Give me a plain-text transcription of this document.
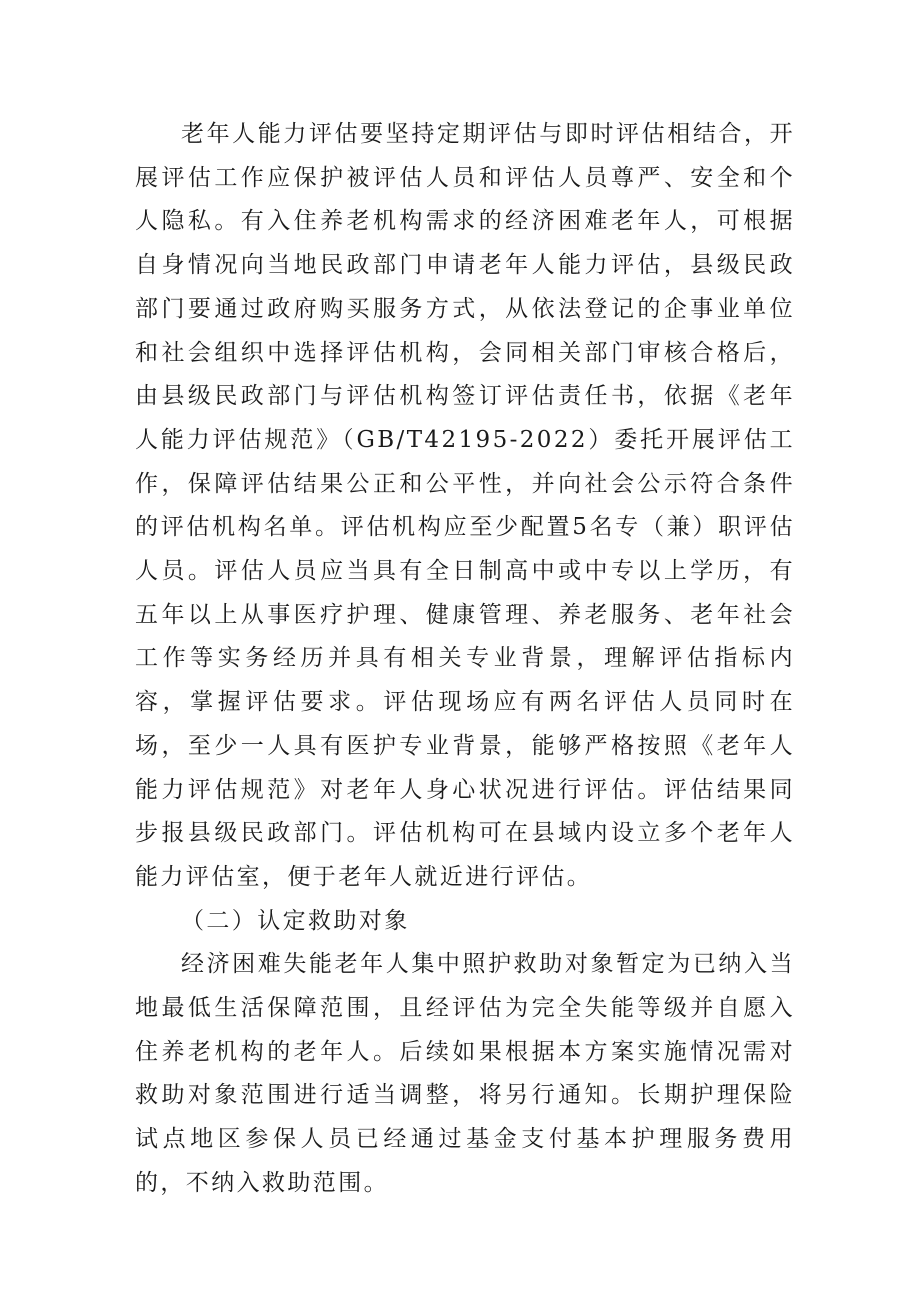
老年人能力评估要坚持定期评估与即时评估相结合，开展评估工作应保护被评估人员和评估人员尊严、安全和个人隐私。有入住养老机构需求的经济困难老年人，可根据自身情况向当地民政部门申请老年人能力评估，县级民政部门要通过政府购买服务方式，从依法登记的企事业单位和社会组织中选择评估机构，会同相关部门审核合格后，由县级民政部门与评估机构签订评估责任书，依据《老年人能力评估规范》（GB/T42195-2022）委托开展评估工作，保障评估结果公正和公平性，并向社会公示符合条件的评估机构名单。评估机构应至少配置5名专（兼）职评估人员。评估人员应当具有全日制高中或中专以上学历，有五年以上从事医疗护理、健康管理、养老服务、老年社会工作等实务经历并具有相关专业背景，理解评估指标内容，掌握评估要求。评估现场应有两名评估人员同时在场，至少一人具有医护专业背景，能够严格按照《老年人能力评估规范》对老年人身心状况进行评估。评估结果同步报县级民政部门。评估机构可在县域内设立多个老年人能力评估室，便于老年人就近进行评估。

（二）认定救助对象

经济困难失能老年人集中照护救助对象暂定为已纳入当地最低生活保障范围，且经评估为完全失能等级并自愿入住养老机构的老年人。后续如果根据本方案实施情况需对救助对象范围进行适当调整，将另行通知。长期护理保险试点地区参保人员已经通过基金支付基本护理服务费用的，不纳入救助范围。
